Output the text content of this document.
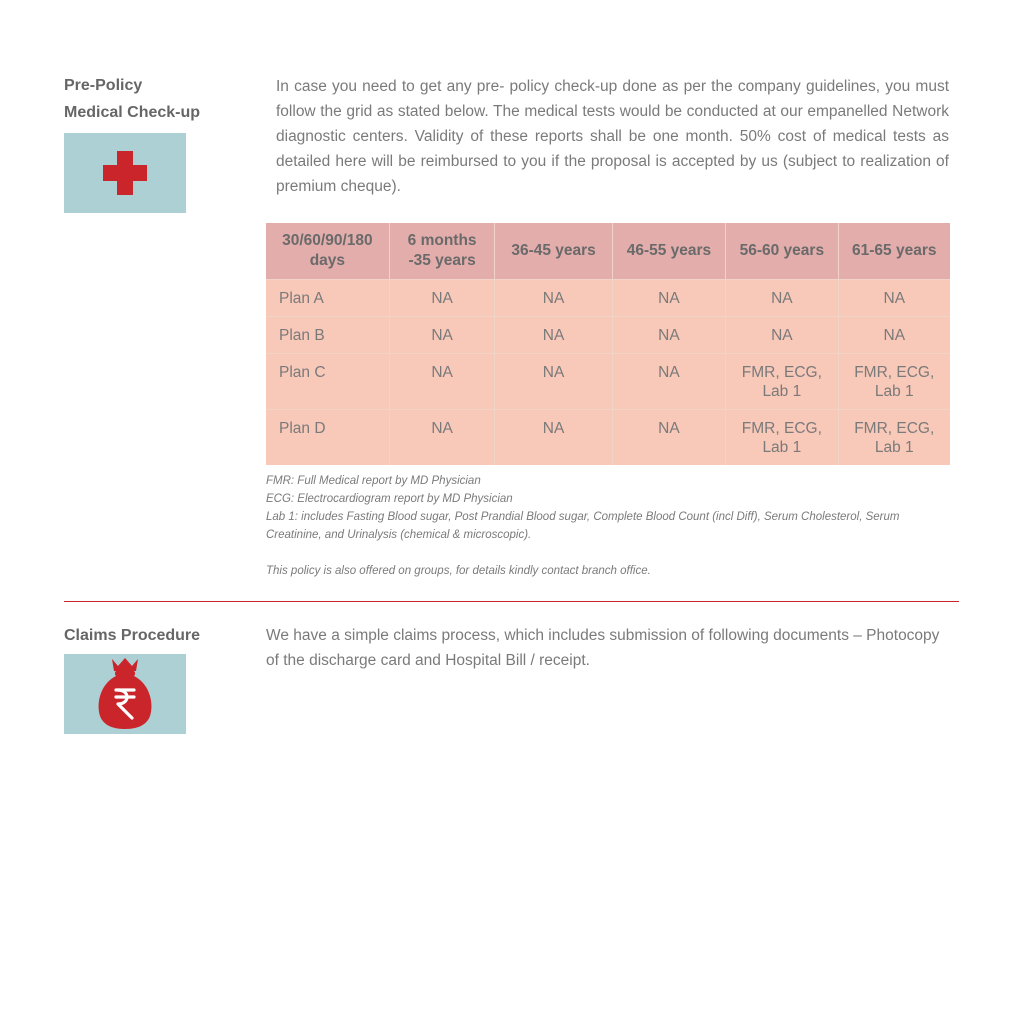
Pre-Policy
Medical Check-up

In case you need to get any pre- policy check-up done as per the company guidelines, you must follow the grid as stated below. The medical tests would be conducted at our empanelled Network diagnostic centers. Validity of these reports shall be one month. 50% cost of medical tests as detailed here will be reimbursed to you if the proposal is accepted by us (subject to realization of premium cheque).

30/60/90/180 days	6 months -35 years	36-45 years	46-55 years	56-60 years	61-65 years
Plan A	NA	NA	NA	NA	NA
Plan B	NA	NA	NA	NA	NA
Plan C	NA	NA	NA	FMR, ECG, Lab 1	FMR, ECG, Lab 1
Plan D	NA	NA	NA	FMR, ECG, Lab 1	FMR, ECG, Lab 1
FMR: Full Medical report by MD Physician
ECG: Electrocardiogram report by MD Physician
Lab 1: includes Fasting Blood sugar, Post Prandial Blood sugar, Complete Blood Count (incl Diff), Serum Cholesterol, Serum Creatinine, and Urinalysis (chemical & microscopic).
This policy is also offered on groups, for details kindly contact branch office.
Claims Procedure	We have a simple claims process, which includes submission of following documents – Photocopy of the discharge card and Hospital Bill / receipt.
